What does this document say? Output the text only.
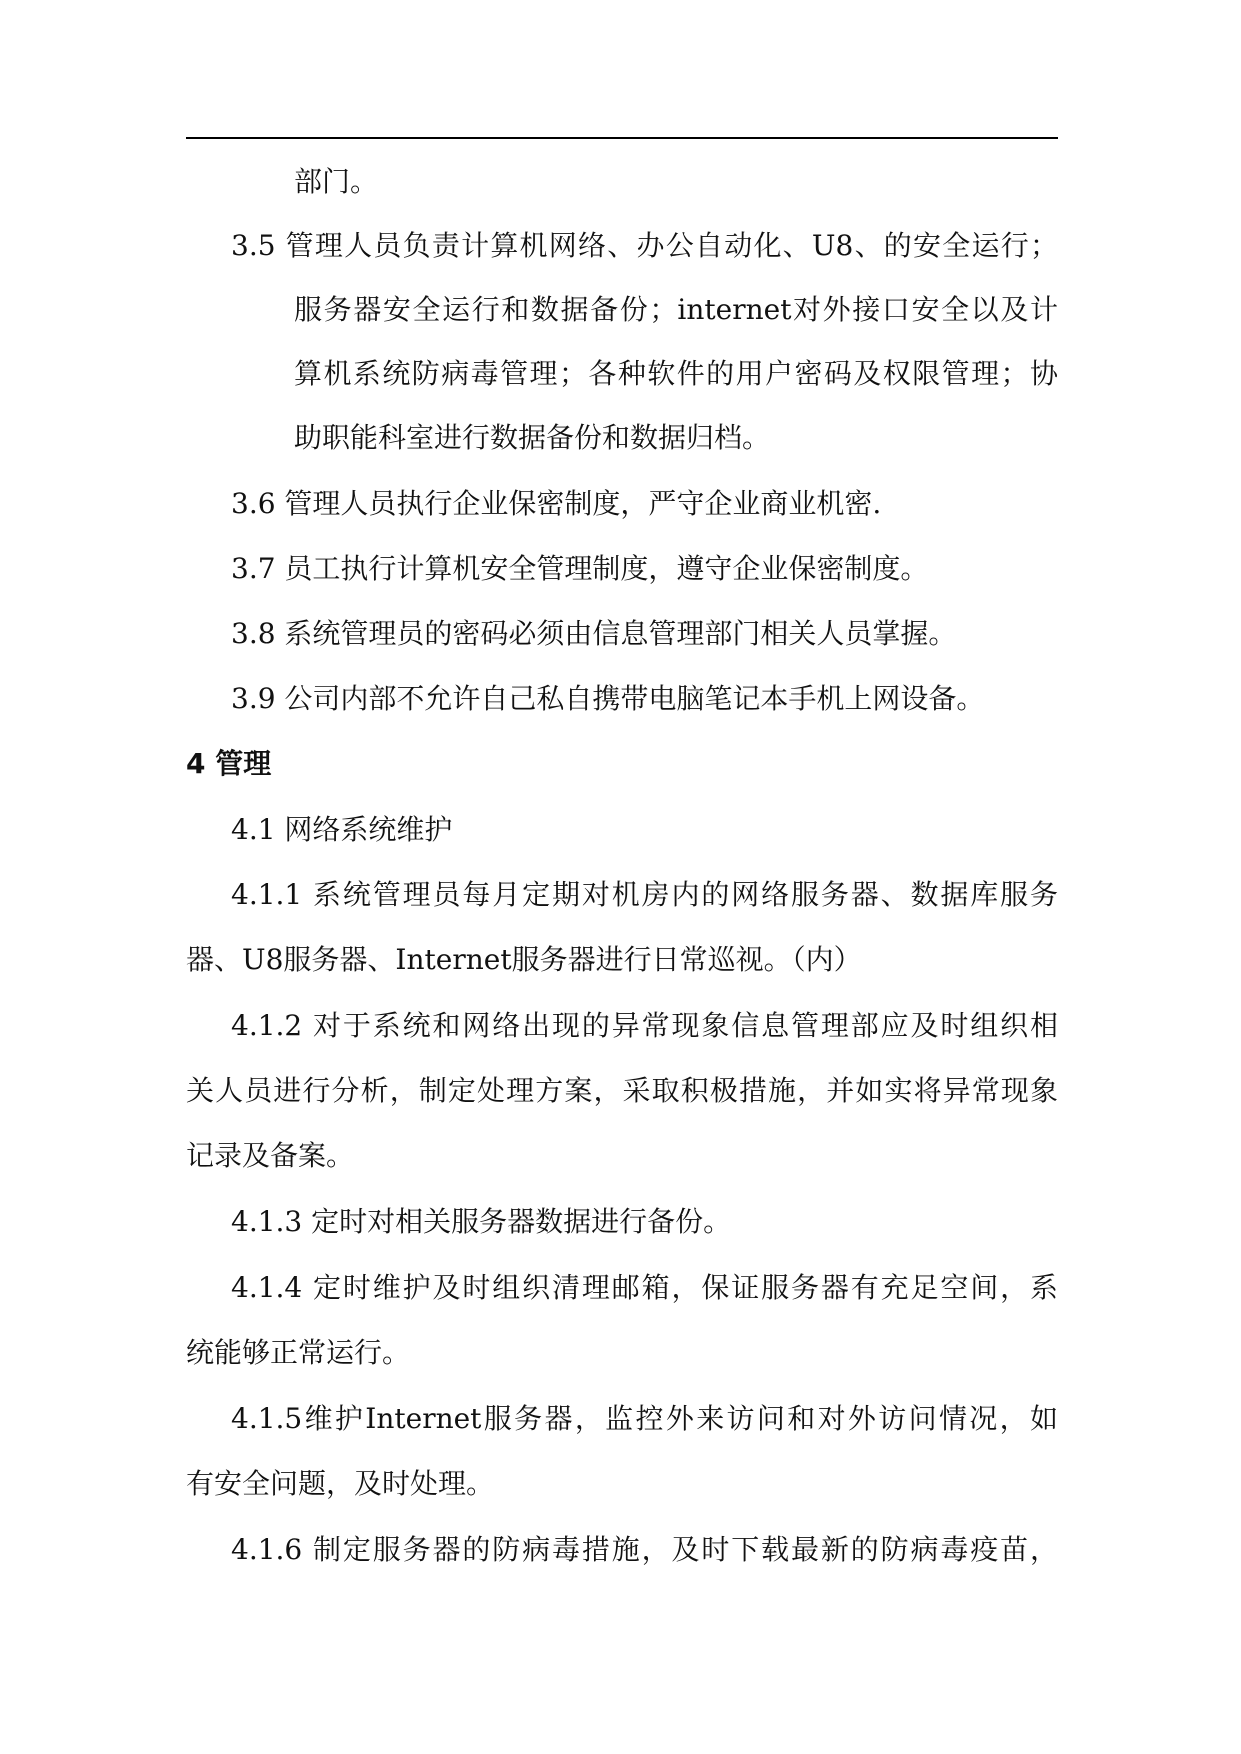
部门。
3.5 管理人员负责计算机网络、办公自动化、U8、的安全运行；
服务器安全运行和数据备份；internet对外接口安全以及计
算机系统防病毒管理；各种软件的用户密码及权限管理；协
助职能科室进行数据备份和数据归档。
3.6 管理人员执行企业保密制度，严守企业商业机密.
3.7 员工执行计算机安全管理制度，遵守企业保密制度。
3.8 系统管理员的密码必须由信息管理部门相关人员掌握。
3.9 公司内部不允许自己私自携带电脑笔记本手机上网设备。
4 管理
4.1 网络系统维护
4.1.1 系统管理员每月定期对机房内的网络服务器、数据库服务
器、U8服务器、Internet服务器进行日常巡视。（内）
4.1.2 对于系统和网络出现的异常现象信息管理部应及时组织相
关人员进行分析，制定处理方案，采取积极措施，并如实将异常现象
记录及备案。
4.1.3 定时对相关服务器数据进行备份。
4.1.4 定时维护及时组织清理邮箱，保证服务器有充足空间，系
统能够正常运行。
4.1.5维护Internet服务器，监控外来访问和对外访问情况，如
有安全问题，及时处理。
4.1.6 制定服务器的防病毒措施，及时下载最新的防病毒疫苗，
